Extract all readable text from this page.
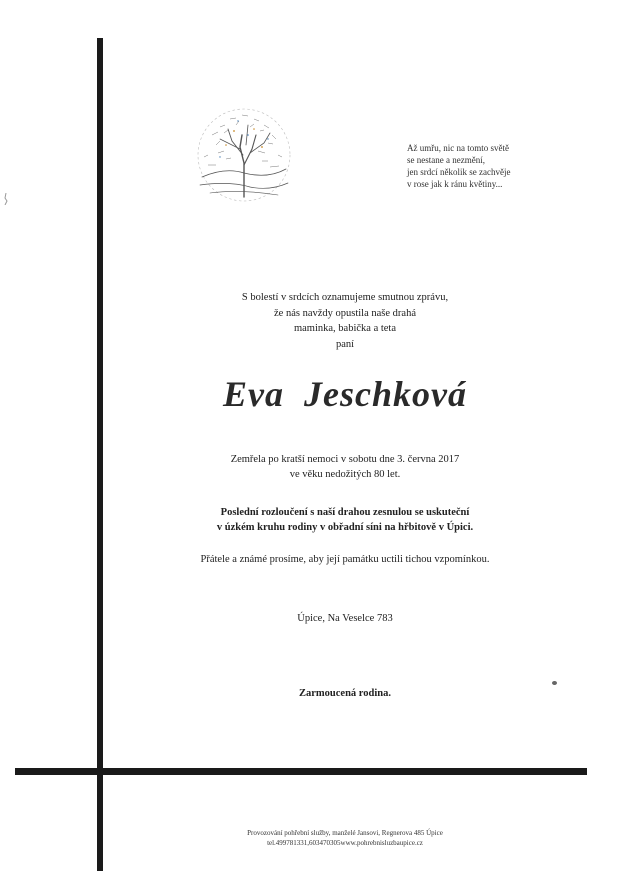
Až umřu, nic na tomto světě
se nestane a nezmění,
jen srdcí několik se zachvěje
v rose jak k ránu květiny...
S bolestí v srdcích oznamujeme smutnou zprávu,
že nás navždy opustila naše drahá
maminka, babička a teta
paní
Eva  Jeschková
Zemřela po kratší nemoci v sobotu dne 3. června 2017
ve věku nedožitých 80 let.
Poslední rozloučení s naší drahou zesnulou se uskuteční
v úzkém kruhu rodiny v obřadní síni na hřbitově v Úpici.
Přátele a známé prosíme, aby její památku uctili tichou vzpomínkou.
Úpice, Na Veselce 783
Zarmoucená rodina.
Provozování pohřební služby, manželé Jansovi, Regnerova 485 Úpice
tel.499781331,603470305www.pohrebnisluzbaupice.cz
